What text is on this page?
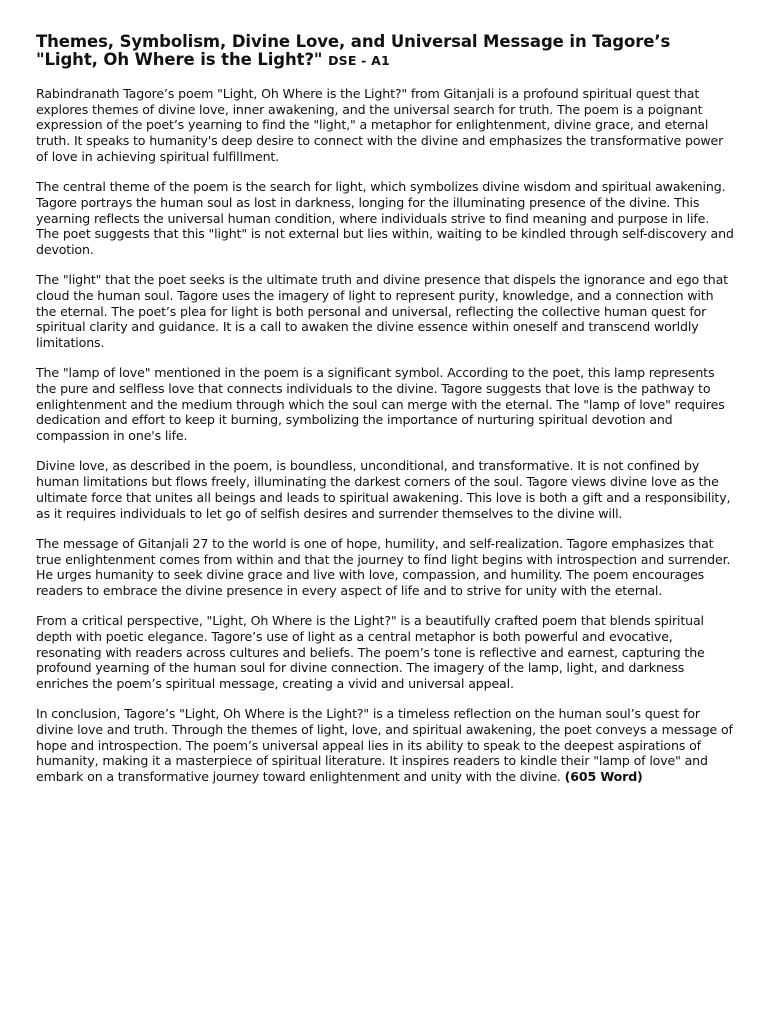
Themes, Symbolism, Divine Love, and Universal Message in Tagore’s "Light, Oh Where is the Light?" DSE - A1

Rabindranath Tagore’s poem "Light, Oh Where is the Light?" from Gitanjali is a profound spiritual quest that explores themes of divine love, inner awakening, and the universal search for truth. The poem is a poignant expression of the poet’s yearning to find the "light," a metaphor for enlightenment, divine grace, and eternal truth. It speaks to humanity's deep desire to connect with the divine and emphasizes the transformative power of love in achieving spiritual fulfillment.

The central theme of the poem is the search for light, which symbolizes divine wisdom and spiritual awakening. Tagore portrays the human soul as lost in darkness, longing for the illuminating presence of the divine. This yearning reflects the universal human condition, where individuals strive to find meaning and purpose in life. The poet suggests that this "light" is not external but lies within, waiting to be kindled through self-discovery and devotion.

The "light" that the poet seeks is the ultimate truth and divine presence that dispels the ignorance and ego that cloud the human soul. Tagore uses the imagery of light to represent purity, knowledge, and a connection with the eternal. The poet’s plea for light is both personal and universal, reflecting the collective human quest for spiritual clarity and guidance. It is a call to awaken the divine essence within oneself and transcend worldly limitations.

The "lamp of love" mentioned in the poem is a significant symbol. According to the poet, this lamp represents the pure and selfless love that connects individuals to the divine. Tagore suggests that love is the pathway to enlightenment and the medium through which the soul can merge with the eternal. The "lamp of love" requires dedication and effort to keep it burning, symbolizing the importance of nurturing spiritual devotion and compassion in one's life.

Divine love, as described in the poem, is boundless, unconditional, and transformative. It is not confined by human limitations but flows freely, illuminating the darkest corners of the soul. Tagore views divine love as the ultimate force that unites all beings and leads to spiritual awakening. This love is both a gift and a responsibility, as it requires individuals to let go of selfish desires and surrender themselves to the divine will.

The message of Gitanjali 27 to the world is one of hope, humility, and self-realization. Tagore emphasizes that true enlightenment comes from within and that the journey to find light begins with introspection and surrender. He urges humanity to seek divine grace and live with love, compassion, and humility. The poem encourages readers to embrace the divine presence in every aspect of life and to strive for unity with the eternal.

From a critical perspective, "Light, Oh Where is the Light?" is a beautifully crafted poem that blends spiritual depth with poetic elegance. Tagore’s use of light as a central metaphor is both powerful and evocative, resonating with readers across cultures and beliefs. The poem’s tone is reflective and earnest, capturing the profound yearning of the human soul for divine connection. The imagery of the lamp, light, and darkness enriches the poem’s spiritual message, creating a vivid and universal appeal.

In conclusion, Tagore’s "Light, Oh Where is the Light?" is a timeless reflection on the human soul’s quest for divine love and truth. Through the themes of light, love, and spiritual awakening, the poet conveys a message of hope and introspection. The poem’s universal appeal lies in its ability to speak to the deepest aspirations of humanity, making it a masterpiece of spiritual literature. It inspires readers to kindle their "lamp of love" and embark on a transformative journey toward enlightenment and unity with the divine. (605 Word)
